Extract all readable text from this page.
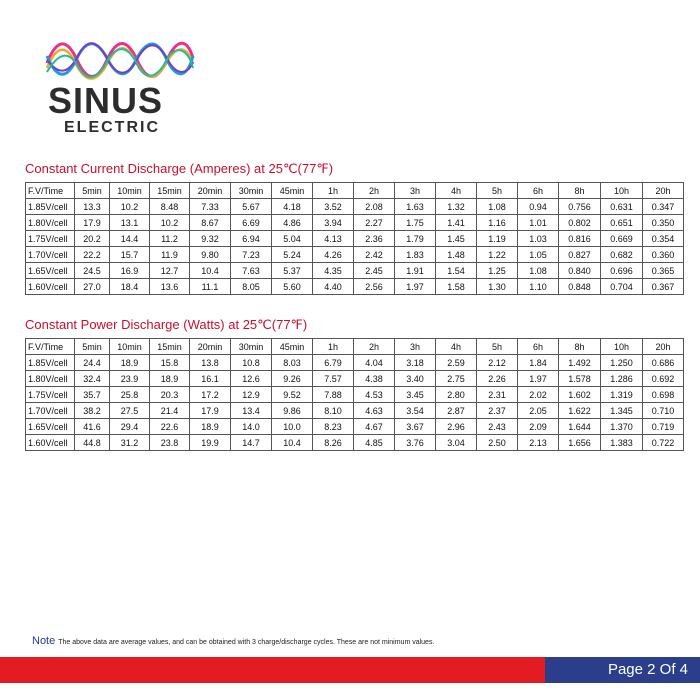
SINUS
ELECTRIC
Constant Current Discharge (Amperes) at 25℃(77℉)
F.V/Time	5min	10min	15min	20min	30min	45min	1h	2h	3h	4h	5h	6h	8h	10h	20h
1.85V/cell	13.3	10.2	8.48	7.33	5.67	4.18	3.52	2.08	1.63	1.32	1.08	0.94	0.756	0.631	0.347
1.80V/cell	17.9	13.1	10.2	8.67	6.69	4.86	3.94	2.27	1.75	1.41	1.16	1.01	0.802	0.651	0.350
1.75V/cell	20.2	14.4	11.2	9.32	6.94	5.04	4.13	2.36	1.79	1.45	1.19	1.03	0.816	0.669	0.354
1.70V/cell	22.2	15.7	11.9	9.80	7.23	5.24	4.26	2.42	1.83	1.48	1.22	1.05	0.827	0.682	0.360
1.65V/cell	24.5	16.9	12.7	10.4	7.63	5.37	4.35	2.45	1.91	1.54	1.25	1.08	0.840	0.696	0.365
1.60V/cell	27.0	18.4	13.6	11.1	8.05	5.60	4.40	2.56	1.97	1.58	1.30	1.10	0.848	0.704	0.367
Constant Power Discharge (Watts) at 25℃(77℉)
F.V/Time	5min	10min	15min	20min	30min	45min	1h	2h	3h	4h	5h	6h	8h	10h	20h
1.85V/cell	24.4	18.9	15.8	13.8	10.8	8.03	6.79	4.04	3.18	2.59	2.12	1.84	1.492	1.250	0.686
1.80V/cell	32.4	23.9	18.9	16.1	12.6	9.26	7.57	4.38	3.40	2.75	2.26	1.97	1.578	1.286	0.692
1.75V/cell	35.7	25.8	20.3	17.2	12.9	9.52	7.88	4.53	3.45	2.80	2.31	2.02	1.602	1.319	0.698
1.70V/cell	38.2	27.5	21.4	17.9	13.4	9.86	8.10	4.63	3.54	2.87	2.37	2.05	1.622	1.345	0.710
1.65V/cell	41.6	29.4	22.6	18.9	14.0	10.0	8.23	4.67	3.67	2.96	2.43	2.09	1.644	1.370	0.719
1.60V/cell	44.8	31.2	23.8	19.9	14.7	10.4	8.26	4.85	3.76	3.04	2.50	2.13	1.656	1.383	0.722
Note The above data are average values, and can be obtained with 3 charge/discharge cycles. These are not minimum values.
Page 2 Of 4
